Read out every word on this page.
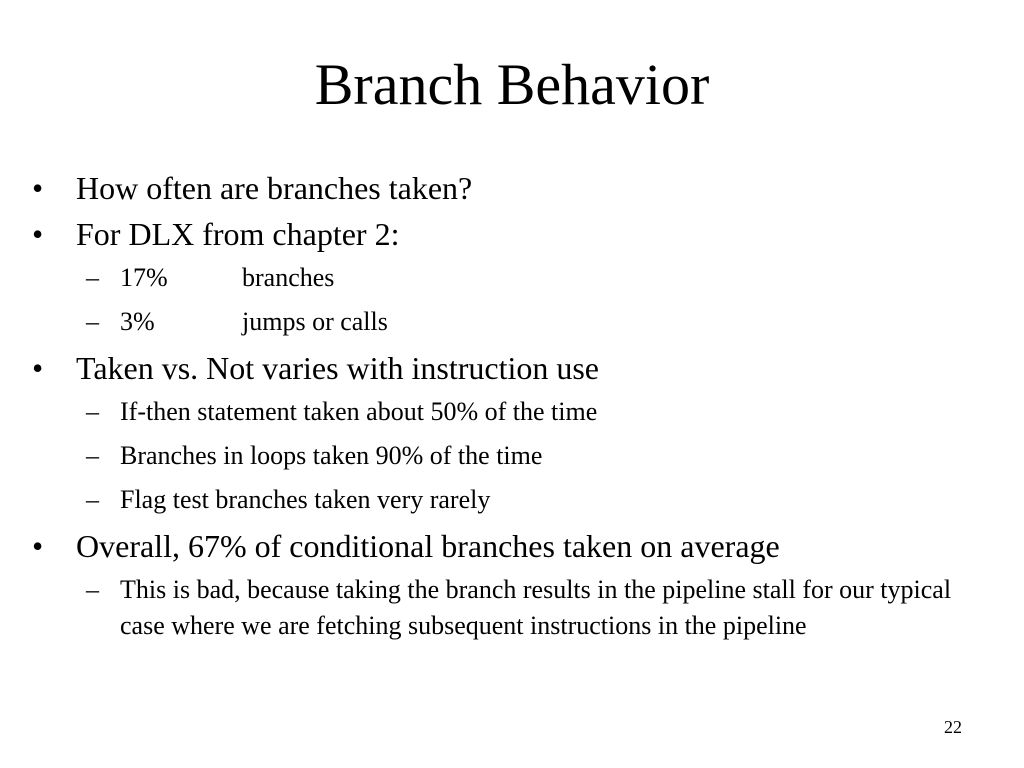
Branch Behavior
•	How often are branches taken?
•	For DLX from chapter 2:
– 17%	branches
– 3%	jumps or calls
•	Taken vs. Not varies with instruction use
– If-then statement taken about 50% of the time
– Branches in loops taken 90% of the time
– Flag test branches taken very rarely
•	Overall, 67% of conditional branches taken on average
– This is bad, because taking the branch results in the pipeline stall for our typical case where we are fetching subsequent instructions in the pipeline
22
